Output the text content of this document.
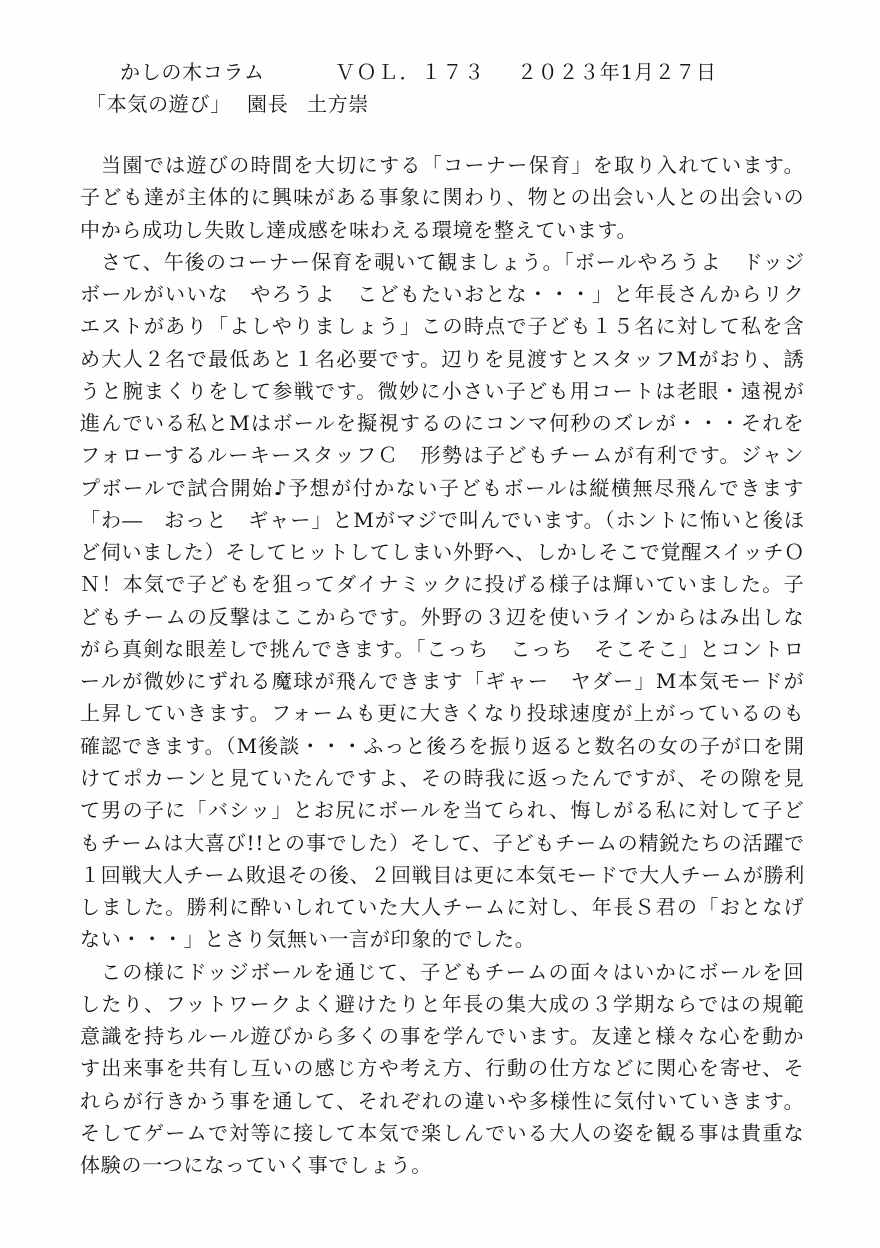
かしの木コラム	ＶＯＬ．１７３ ２０２３年1月２７日
「本気の遊び」 園長 土方崇
当園では遊びの時間を大切にする「コーナー保育」を取り入れています。
子ども達が主体的に興味がある事象に関わり、物との出会い人との出会いの
中から成功し失敗し達成感を味わえる環境を整えています。
さて、午後のコーナー保育を覗いて観ましょう。「ボールやろうよ　ドッジ
ボールがいいな　やろうよ　こどもたいおとな・・・」と年長さんからリク
エストがあり「よしやりましょう」この時点で子ども１５名に対して私を含
め大人２名で最低あと１名必要です。辺りを見渡すとスタッフMがおり、誘
うと腕まくりをして参戦です。微妙に小さい子ども用コートは老眼・遠視が
進んでいる私とMはボールを擬視するのにコンマ何秒のズレが・・・それを
フォローするルーキースタッフＣ　形勢は子どもチームが有利です。ジャン
プボールで試合開始♪予想が付かない子どもボールは縦横無尽飛んできます
「わ―　おっと　ギャー」とMがマジで叫んでいます。（ホントに怖いと後ほ
ど伺いました）そしてヒットしてしまい外野へ、しかしそこで覚醒スイッチＯ
Ｎ！本気で子どもを狙ってダイナミックに投げる様子は輝いていました。子
どもチームの反撃はここからです。外野の３辺を使いラインからはみ出しな
がら真剣な眼差しで挑んできます。「こっち　こっち　そこそこ」とコントロ
ールが微妙にずれる魔球が飛んできます「ギャー　ヤダー」M本気モードが
上昇していきます。フォームも更に大きくなり投球速度が上がっているのも
確認できます。（M後談・・・ふっと後ろを振り返ると数名の女の子が口を開
けてポカーンと見ていたんですよ、その時我に返ったんですが、その隙を見
て男の子に「バシッ」とお尻にボールを当てられ、悔しがる私に対して子ど
もチームは大喜び!!との事でした）そして、子どもチームの精鋭たちの活躍で
１回戦大人チーム敗退その後、２回戦目は更に本気モードで大人チームが勝利
しました。勝利に酔いしれていた大人チームに対し、年長Ｓ君の「おとなげ
ない・・・」とさり気無い一言が印象的でした。
この様にドッジボールを通じて、子どもチームの面々はいかにボールを回
したり、フットワークよく避けたりと年長の集大成の３学期ならではの規範
意識を持ちルール遊びから多くの事を学んでいます。友達と様々な心を動か
す出来事を共有し互いの感じ方や考え方、行動の仕方などに関心を寄せ、そ
れらが行きかう事を通して、それぞれの違いや多様性に気付いていきます。
そしてゲームで対等に接して本気で楽しんでいる大人の姿を観る事は貴重な
体験の一つになっていく事でしょう。
